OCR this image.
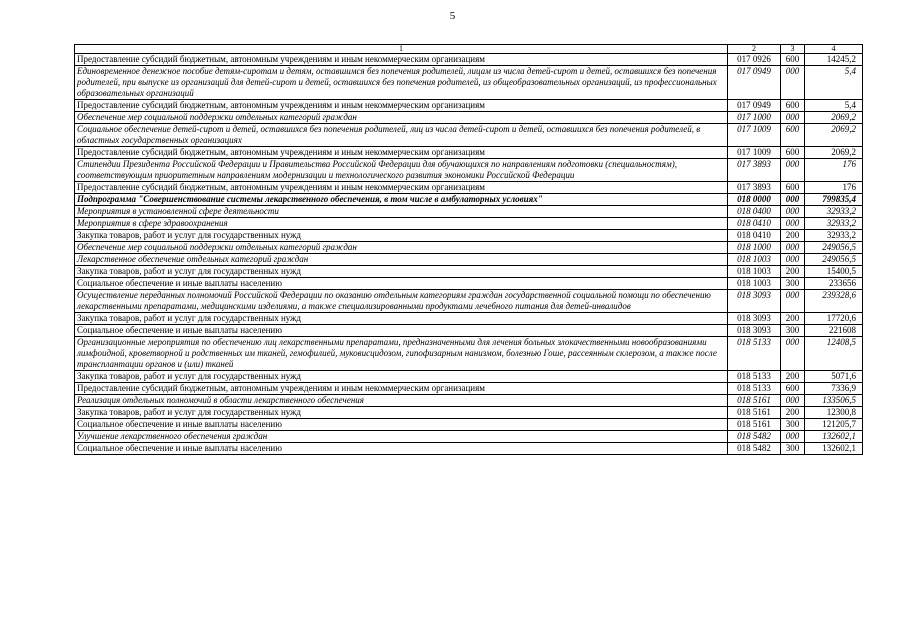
5
1	2	3	4
Предоставление субсидий бюджетным, автономным учреждениям и иным некоммерческим организациям	017 0926	600	14245,2
Единовременное денежное пособие детям-сиротам и детям, оставшимся без попечения родителей, лицам из числа детей-сирот и детей, оставшихся без попечения родителей, при выпуске из организаций для детей-сирот и детей, оставшихся без попечения родителей, из общеобразовательных организаций, из профессиональных образовательных организаций	017 0949	000	5,4
Предоставление субсидий бюджетным, автономным учреждениям и иным некоммерческим организациям	017 0949	600	5,4
Обеспечение мер социальной поддержки отдельных категорий граждан	017 1000	000	2069,2
Социальное обеспечение детей-сирот и детей, оставшихся без попечения родителей, лиц из числа детей-сирот и детей, оставшихся без попечения родителей, в областных государственных организациях	017 1009	600	2069,2
Предоставление субсидий бюджетным, автономным учреждениям и иным некоммерческим организациям	017 1009	600	2069,2
Стипендии Президента Российской Федерации и Правительства Российской Федерации для обучающихся по направлениям подготовки (специальностям), соответствующим приоритетным направлениям модернизации и технологического развития экономики Российской Федерации	017 3893	000	176
Предоставление субсидий бюджетным, автономным учреждениям и иным некоммерческим организациям	017 3893	600	176
Подпрограмма "Совершенствование системы лекарственного обеспечения, в том числе в амбулаторных условиях"	018 0000	000	799835,4
Мероприятия в установленной сфере деятельности	018 0400	000	32933,2
Мероприятия в сфере здравоохранения	018 0410	000	32933,2
Закупка товаров, работ и услуг для государственных нужд	018 0410	200	32933,2
Обеспечение мер социальной поддержки отдельных категорий граждан	018 1000	000	249056,5
Лекарственное обеспечение отдельных категорий граждан	018 1003	000	249056,5
Закупка товаров, работ и услуг для государственных нужд	018 1003	200	15400,5
Социальное обеспечение и иные выплаты населению	018 1003	300	233656
Осуществление переданных полномочий Российской Федерации по оказанию отдельным категориям граждан государственной социальной помощи по обеспечению лекарственными препаратами, медицинскими изделиями, а также специализированными продуктами лечебного питания для детей-инвалидов	018 3093	000	239328,6
Закупка товаров, работ и услуг для государственных нужд	018 3093	200	17720,6
Социальное обеспечение и иные выплаты населению	018 3093	300	221608
Организационные мероприятия по обеспечению лиц лекарственными препаратами, предназначенными для лечения больных злокачественными новообразованиями лимфоидной, кроветворной и родственных им тканей, гемофилией, муковисцидозом, гипофизарным нанизмом, болезнью Гоше, рассеянным склерозом, а также после трансплантации органов и (или) тканей	018 5133	000	12408,5
Закупка товаров, работ и услуг для государственных нужд	018 5133	200	5071,6
Предоставление субсидий бюджетным, автономным учреждениям и иным некоммерческим организациям	018 5133	600	7336,9
Реализация отдельных полномочий в области лекарственного обеспечения	018 5161	000	133506,5
Закупка товаров, работ и услуг для государственных нужд	018 5161	200	12300,8
Социальное обеспечение и иные выплаты населению	018 5161	300	121205,7
Улучшение лекарственного обеспечения граждан	018 5482	000	132602,1
Социальное обеспечение и иные выплаты населению	018 5482	300	132602,1
